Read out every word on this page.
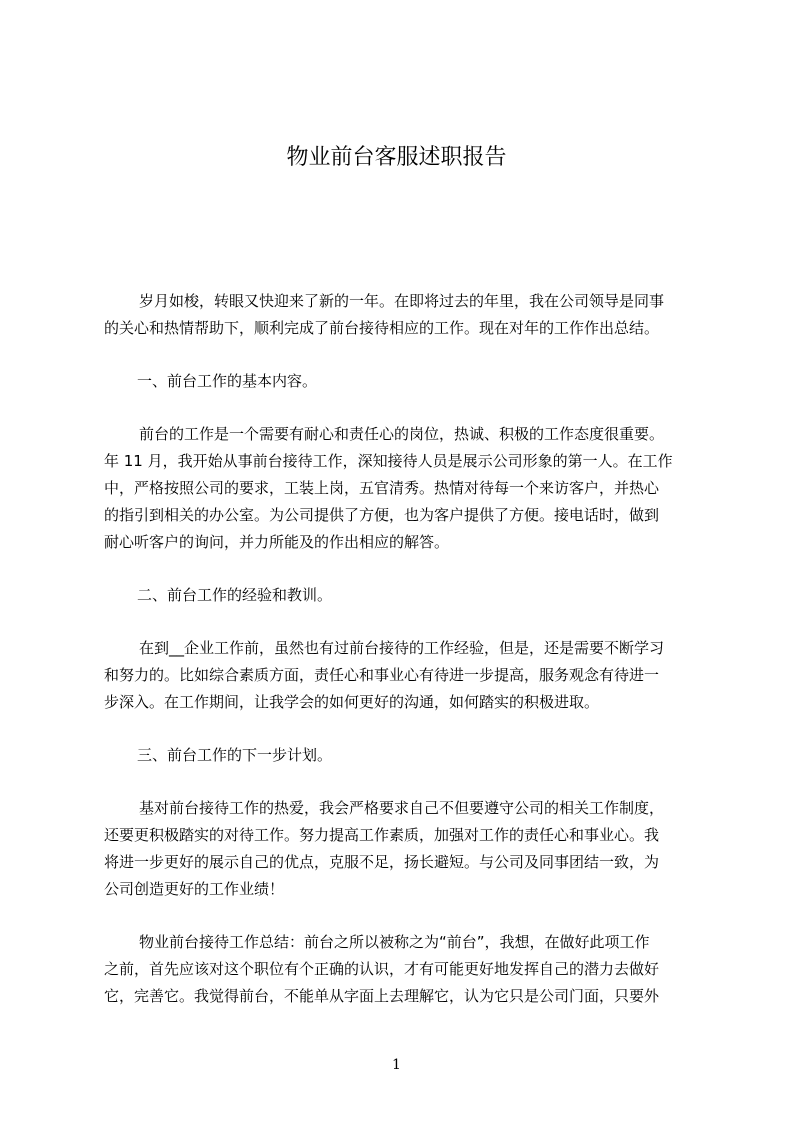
物业前台客服述职报告
岁月如梭，转眼又快迎来了新的一年。在即将过去的年里，我在公司领导是同事
的关心和热情帮助下，顺利完成了前台接待相应的工作。现在对年的工作作出总结。
一、前台工作的基本内容。
前台的工作是一个需要有耐心和责任心的岗位，热诚、积极的工作态度很重要。
年 11 月，我开始从事前台接待工作，深知接待人员是展示公司形象的第一人。在工作
中，严格按照公司的要求，工装上岗，五官清秀。热情对待每一个来访客户，并热心
的指引到相关的办公室。为公司提供了方便，也为客户提供了方便。接电话时，做到
耐心听客户的询问，并力所能及的作出相应的解答。
二、前台工作的经验和教训。
在到__企业工作前，虽然也有过前台接待的工作经验，但是，还是需要不断学习
和努力的。比如综合素质方面，责任心和事业心有待进一步提高，服务观念有待进一
步深入。在工作期间，让我学会的如何更好的沟通，如何踏实的积极进取。
三、前台工作的下一步计划。
基对前台接待工作的热爱，我会严格要求自己不但要遵守公司的相关工作制度，
还要更积极踏实的对待工作。努力提高工作素质，加强对工作的责任心和事业心。我
将进一步更好的展示自己的优点，克服不足，扬长避短。与公司及同事团结一致，为
公司创造更好的工作业绩！
物业前台接待工作总结：前台之所以被称之为“前台”，我想，在做好此项工作
之前，首先应该对这个职位有个正确的认识，才有可能更好地发挥自己的潜力去做好
它，完善它。我觉得前台，不能单从字面上去理解它，认为它只是公司门面，只要外
1
